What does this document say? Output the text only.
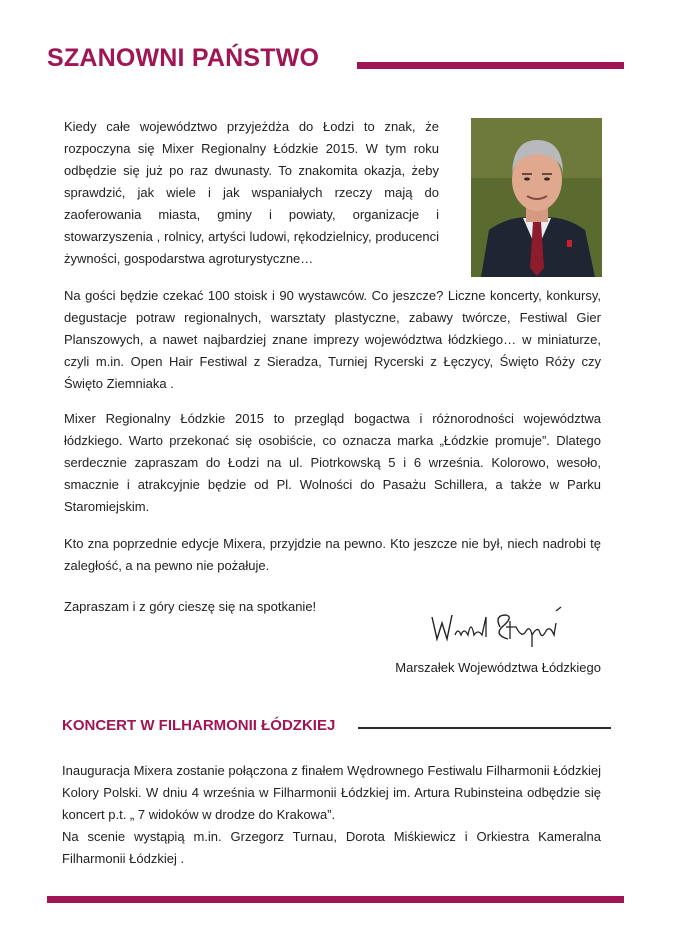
SZANOWNI PAŃSTWO

Kiedy całe województwo przyjeżdża do Łodzi to znak, że rozpoczyna się Mixer Regionalny Łódzkie 2015. W tym roku odbędzie się już po raz dwunasty. To znakomita okazja, żeby sprawdzić, jak wiele i jak wspaniałych rzeczy mają do zaoferowania miasta, gminy i powiaty, organizacje i stowarzyszenia , rolnicy, artyści ludowi, rękodzielnicy, producenci żywności, gospodarstwa agroturystyczne…

Na gości będzie czekać 100 stoisk i 90 wystawców. Co jeszcze? Liczne koncerty, konkursy, degustacje potraw regionalnych, warsztaty plastyczne, zabawy twórcze, Festiwal Gier Planszowych, a nawet najbardziej znane imprezy województwa łódzkiego… w miniaturze, czyli m.in. Open Hair Festiwal z Sieradza, Turniej Rycerski z Łęczycy, Święto Róży czy Święto Ziemniaka .

Mixer Regionalny Łódzkie 2015 to przegląd bogactwa i różnorodności województwa łódzkiego. Warto przekonać się osobiście, co oznacza marka „Łódzkie promuje”. Dlatego serdecznie zapraszam do Łodzi na ul. Piotrkowską 5 i 6 września. Kolorowo, wesoło, smacznie i atrakcyjnie będzie od Pl. Wolności do Pasażu Schillera, a także w Parku Staromiejskim.

Kto zna poprzednie edycje Mixera, przyjdzie na pewno. Kto jeszcze nie był, niech nadrobi tę zaległość, a na pewno nie pożałuje.

Zapraszam i z góry cieszę się na spotkanie!

Marszałek Województwa Łódzkiego

KONCERT W FILHARMONII ŁÓDZKIEJ

Inauguracja Mixera zostanie połączona z finałem Wędrownego Festiwalu Filharmonii Łódzkiej Kolory Polski. W dniu 4 września w Filharmonii Łódzkiej im. Artura Rubinsteina odbędzie się koncert p.t. „ 7 widoków w drodze do Krakowa”.

Na scenie wystąpią m.in. Grzegorz Turnau, Dorota Miśkiewicz i Orkiestra Kameralna Filharmonii Łódzkiej .
